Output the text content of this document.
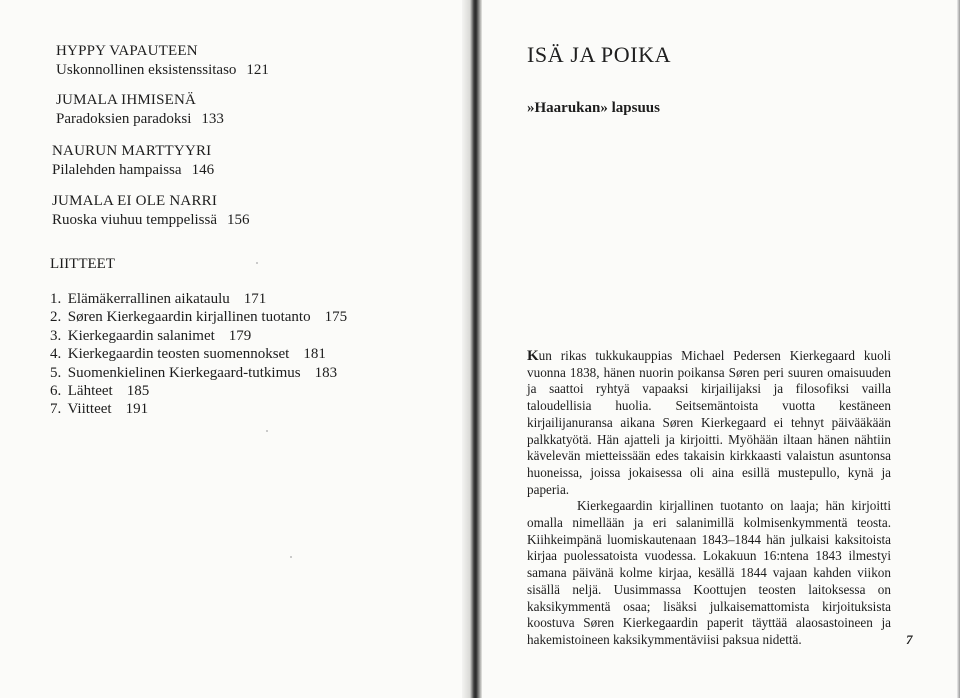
HYPPY VAPAUTEEN
Uskonnollinen eksistenssitaso 121
JUMALA IHMISENÄ
Paradoksien paradoksi 133
NAURUN MARTTYYRI
Pilalehden hampaissa 146
JUMALA EI OLE NARRI
Ruoska viuhuu temppelissä 156
LIITTEET
1. Elämäkerrallinen aikataulu 171
2. Søren Kierkegaardin kirjallinen tuotanto 175
3. Kierkegaardin salanimet 179
4. Kierkegaardin teosten suomennokset 181
5. Suomenkielinen Kierkegaard-tutkimus 183
6. Lähteet 185
7. Viitteet 191
ISÄ JA POIKA
»Haarukan» lapsuus

Kun rikas tukkukauppias Michael Pedersen Kierkegaard kuoli vuonna 1838, hänen nuorin poikansa Søren peri suuren omaisuuden ja saattoi ryhtyä vapaaksi kirjailijaksi ja filosofiksi vailla taloudellisia huolia. Seitsemäntoista vuotta kestäneen kirjailijanuransa aikana Søren Kierkegaard ei tehnyt päivääkään palkkatyötä. Hän ajatteli ja kirjoitti. Myöhään iltaan hänen nähtiin kävelevän mietteissään edes takaisin kirkkaasti valaistun asuntonsa huoneissa, joissa jokaisessa oli aina esillä mustepullo, kynä ja paperia.

Kierkegaardin kirjallinen tuotanto on laaja; hän kirjoitti omalla nimellään ja eri salanimillä kolmisenkymmentä teosta. Kiihkeimpänä luomiskautenaan 1843–1844 hän julkaisi kaksitoista kirjaa puolessatoista vuodessa. Lokakuun 16:ntena 1843 ilmestyi samana päivänä kolme kirjaa, kesällä 1844 vajaan kahden viikon sisällä neljä. Uusimmassa Koottujen teosten laitoksessa on kaksikymmentä osaa; lisäksi julkaisemattomista kirjoituksista koostuva Søren Kierkegaardin paperit täyttää alaosastoineen ja hakemistoineen kaksikymmentäviisi paksua nidettä.	7
